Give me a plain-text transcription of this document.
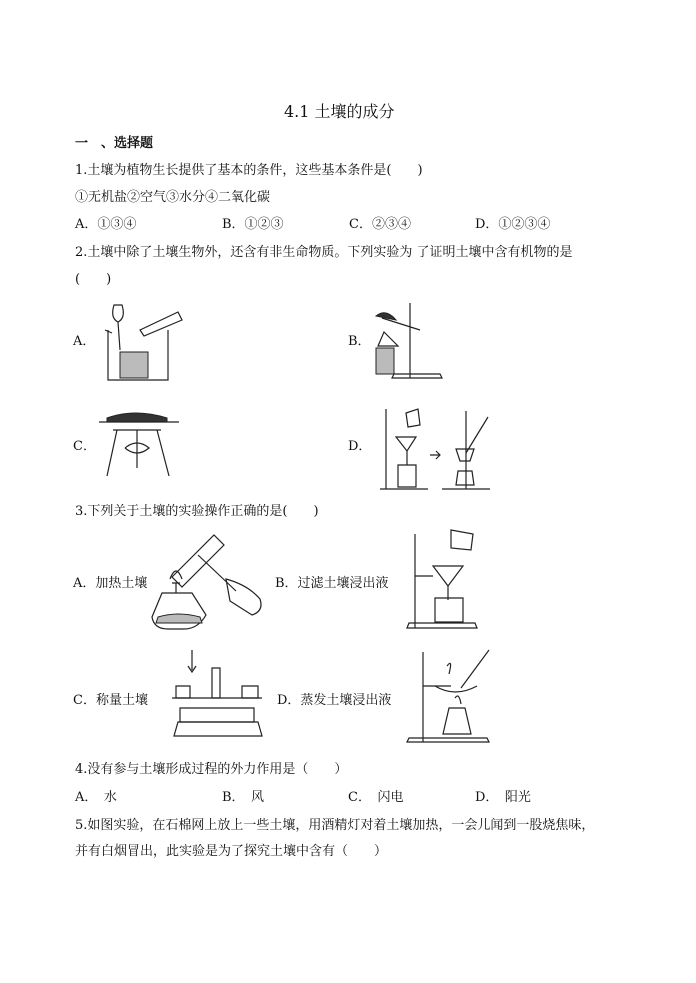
4.1 土壤的成分
一　、选择题
1.土壤为植物生长提供了基本的条件，这些基本条件是(　　)
①无机盐②空气③水分④二氧化碳
A．①③④	B．①②③	C．②③④	D．①②③④
2.土壤中除了土壤生物外，还含有非生命物质。下列实验为 了证明土壤中含有机物的是
(　　)
A．	B．
C．	D．
3.下列关于土壤的实验操作正确的是(　　)
A．加热土壤	B．过滤土壤浸出液
C．称量土壤	D．蒸发土壤浸出液
4.没有参与土壤形成过程的外力作用是（　　）
A．　水	B．　风	C．　闪电	D．　阳光
5.如图实验，在石棉网上放上一些土壤，用酒精灯对着土壤加热，一会儿闻到一股烧焦味，
并有白烟冒出，此实验是为了探究土壤中含有（　　）
